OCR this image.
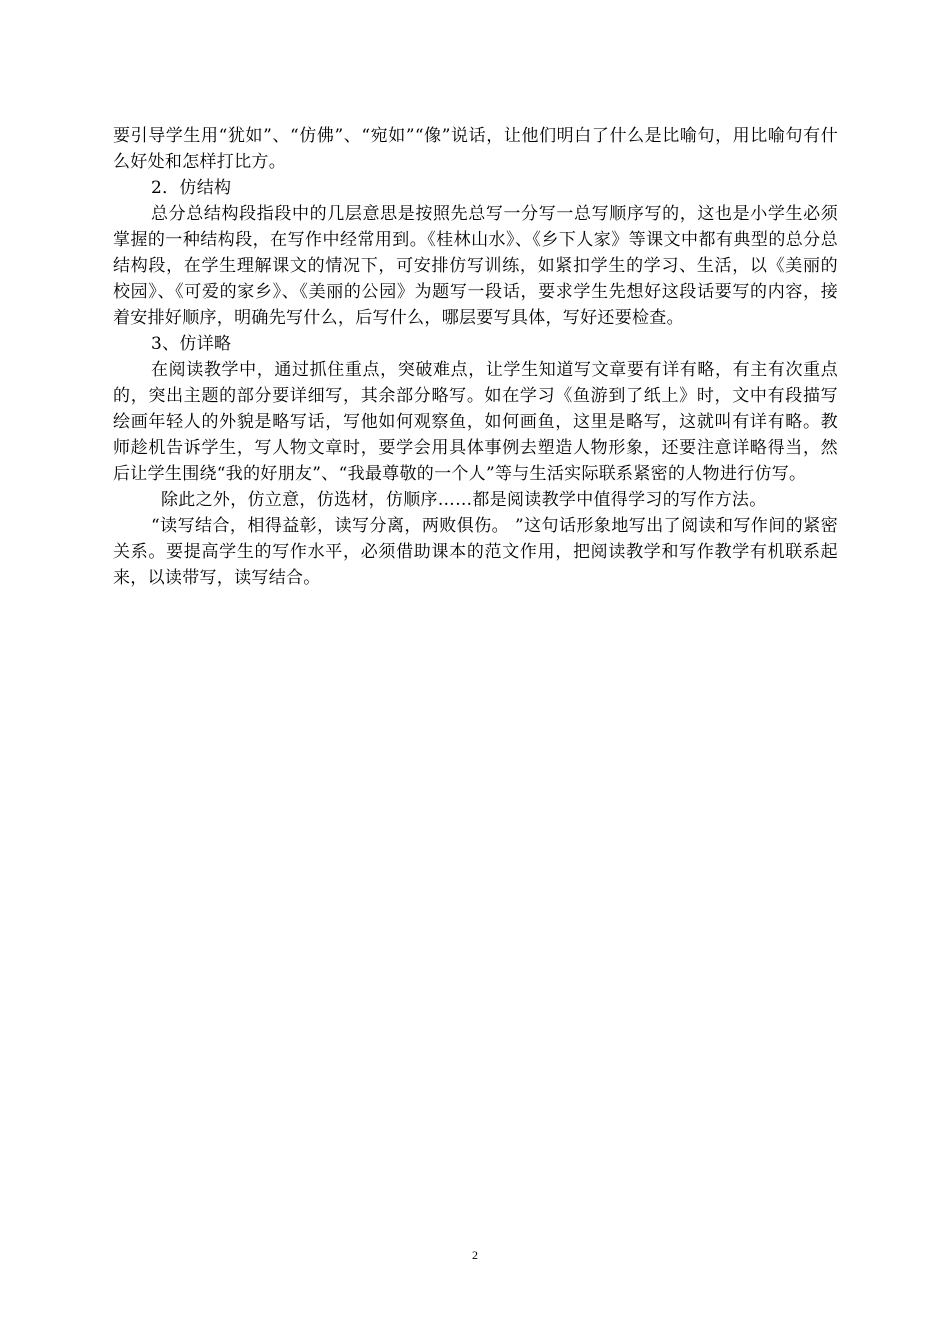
要引导学生用“犹如”、“仿佛”、“宛如”“像”说话，让他们明白了什么是比喻句，用比喻句有什么好处和怎样打比方。

2．仿结构

总分总结构段指段中的几层意思是按照先总写一分写一总写顺序写的，这也是小学生必须掌握的一种结构段，在写作中经常用到。《桂林山水》、《乡下人家》等课文中都有典型的总分总结构段，在学生理解课文的情况下，可安排仿写训练，如紧扣学生的学习、生活，以《美丽的校园》、《可爱的家乡》、《美丽的公园》为题写一段话，要求学生先想好这段话要写的内容，接着安排好顺序，明确先写什么，后写什么，哪层要写具体，写好还要检查。

3、仿详略

在阅读教学中，通过抓住重点，突破难点，让学生知道写文章要有详有略，有主有次重点的，突出主题的部分要详细写，其余部分略写。如在学习《鱼游到了纸上》时，文中有段描写绘画年轻人的外貌是略写话，写他如何观察鱼，如何画鱼，这里是略写，这就叫有详有略。教师趁机告诉学生，写人物文章时，要学会用具体事例去塑造人物形象，还要注意详略得当，然后让学生围绕“我的好朋友”、“我最尊敬的一个人”等与生活实际联系紧密的人物进行仿写。

除此之外，仿立意，仿选材，仿顺序……都是阅读教学中值得学习的写作方法。

“读写结合，相得益彰，读写分离，两败俱伤。 ”这句话形象地写出了阅读和写作间的紧密关系。要提高学生的写作水平，必须借助课本的范文作用，把阅读教学和写作教学有机联系起来，以读带写，读写结合。

2
